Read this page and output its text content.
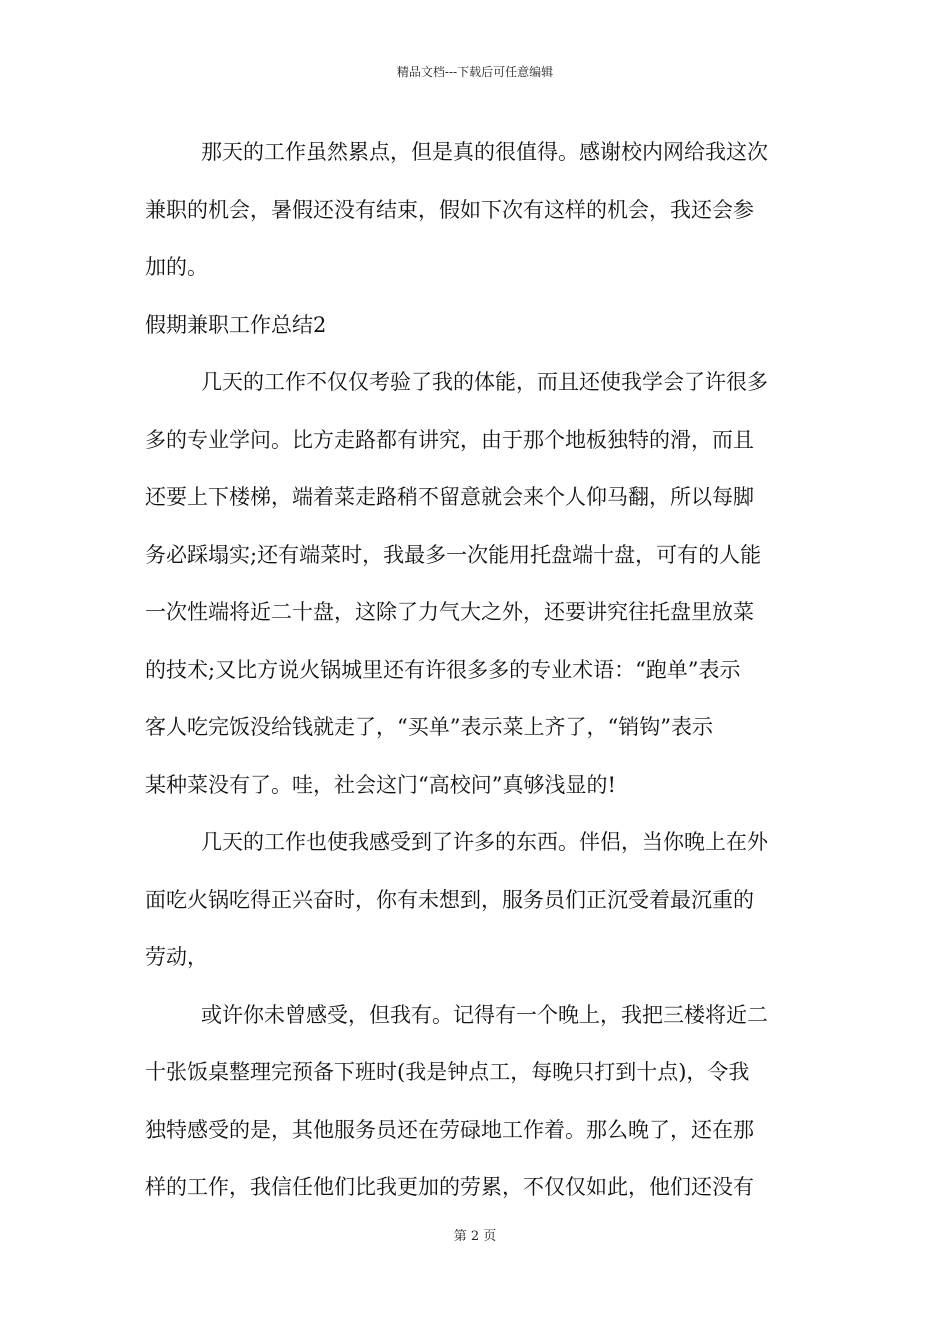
精品文档---下载后可任意编辑
那天的工作虽然累点，但是真的很值得。感谢校内网给我这次
兼职的机会，暑假还没有结束，假如下次有这样的机会，我还会参
加的。
假期兼职工作总结2
几天的工作不仅仅考验了我的体能，而且还使我学会了许很多
多的专业学问。比方走路都有讲究，由于那个地板独特的滑，而且
还要上下楼梯，端着菜走路稍不留意就会来个人仰马翻，所以每脚
务必踩塌实;还有端菜时，我最多一次能用托盘端十盘，可有的人能
一次性端将近二十盘，这除了力气大之外，还要讲究往托盘里放菜
的技术;又比方说火锅城里还有许很多多的专业术语：“跑单”表示
客人吃完饭没给钱就走了，“买单”表示菜上齐了，“销钩”表示
某种菜没有了。哇，社会这门“高校问”真够浅显的!
几天的工作也使我感受到了许多的东西。伴侣，当你晚上在外
面吃火锅吃得正兴奋时，你有未想到，服务员们正沉受着最沉重的
劳动，
或许你未曾感受，但我有。记得有一个晚上，我把三楼将近二
十张饭桌整理完预备下班时(我是钟点工，每晚只打到十点)，令我
独特感受的是，其他服务员还在劳碌地工作着。那么晚了，还在那
样的工作，我信任他们比我更加的劳累，不仅仅如此，他们还没有
第 2 页
